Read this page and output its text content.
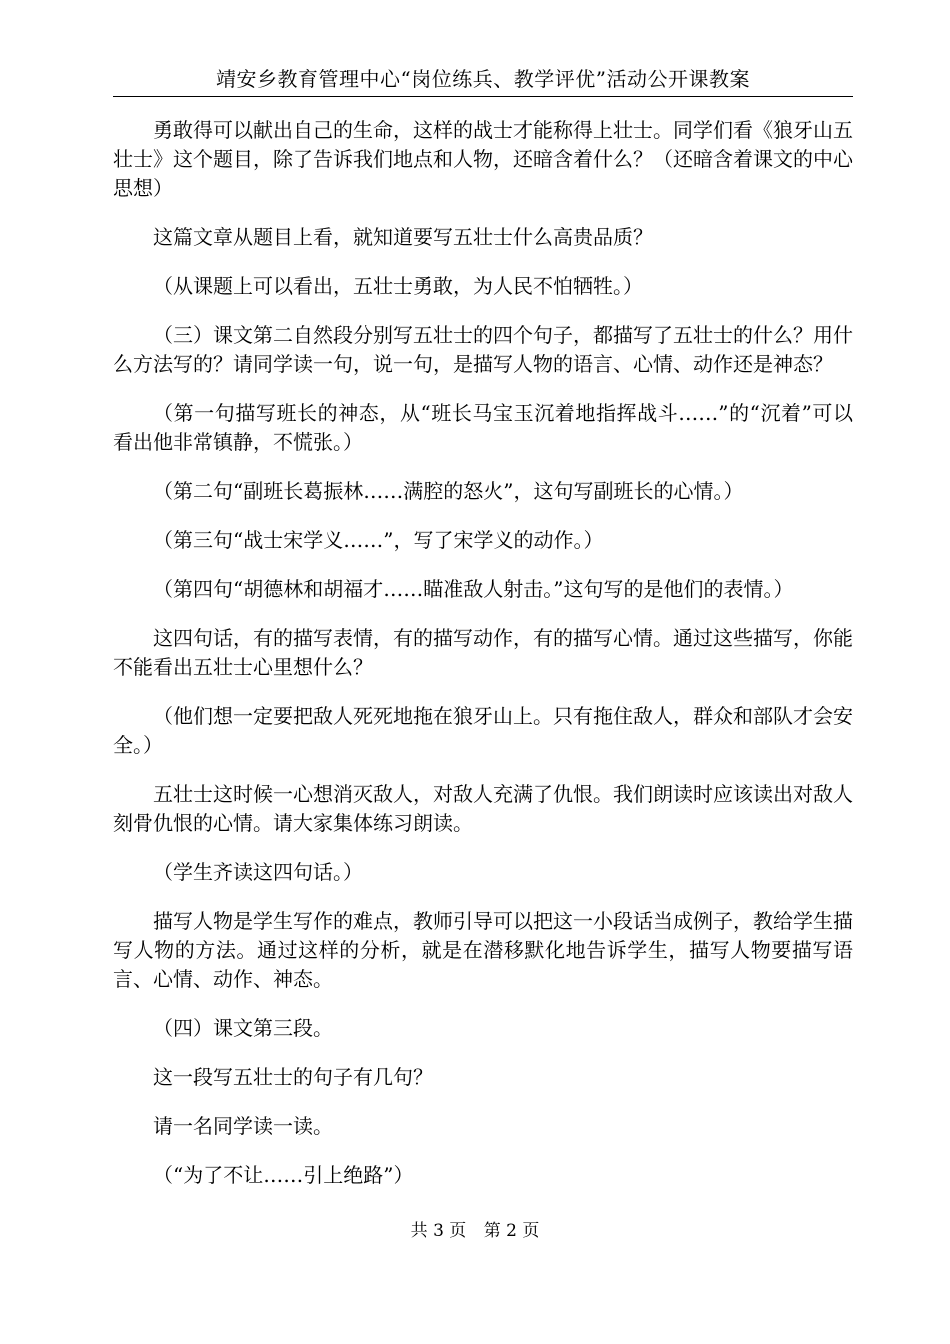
靖安乡教育管理中心“岗位练兵、教学评优”活动公开课教案

勇敢得可以献出自己的生命，这样的战士才能称得上壮士。同学们看《狼牙山五壮士》这个题目，除了告诉我们地点和人物，还暗含着什么？（还暗含着课文的中心思想）

这篇文章从题目上看，就知道要写五壮士什么高贵品质？

（从课题上可以看出，五壮士勇敢，为人民不怕牺牲。）

（三）课文第二自然段分别写五壮士的四个句子，都描写了五壮士的什么？用什么方法写的？请同学读一句，说一句，是描写人物的语言、心情、动作还是神态？

（第一句描写班长的神态，从“班长马宝玉沉着地指挥战斗……”的“沉着”可以看出他非常镇静，不慌张。）

（第二句“副班长葛振林……满腔的怒火”，这句写副班长的心情。）

（第三句“战士宋学义……”，写了宋学义的动作。）

（第四句“胡德林和胡福才……瞄准敌人射击。”这句写的是他们的表情。）

这四句话，有的描写表情，有的描写动作，有的描写心情。通过这些描写，你能不能看出五壮士心里想什么？

（他们想一定要把敌人死死地拖在狼牙山上。只有拖住敌人，群众和部队才会安全。）

五壮士这时候一心想消灭敌人，对敌人充满了仇恨。我们朗读时应该读出对敌人刻骨仇恨的心情。请大家集体练习朗读。

（学生齐读这四句话。）

描写人物是学生写作的难点，教师引导可以把这一小段话当成例子，教给学生描写人物的方法。通过这样的分析，就是在潜移默化地告诉学生，描写人物要描写语言、心情、动作、神态。

（四）课文第三段。

这一段写五壮士的句子有几句？

请一名同学读一读。

（“为了不让……引上绝路”）

共 3 页 第 2 页
